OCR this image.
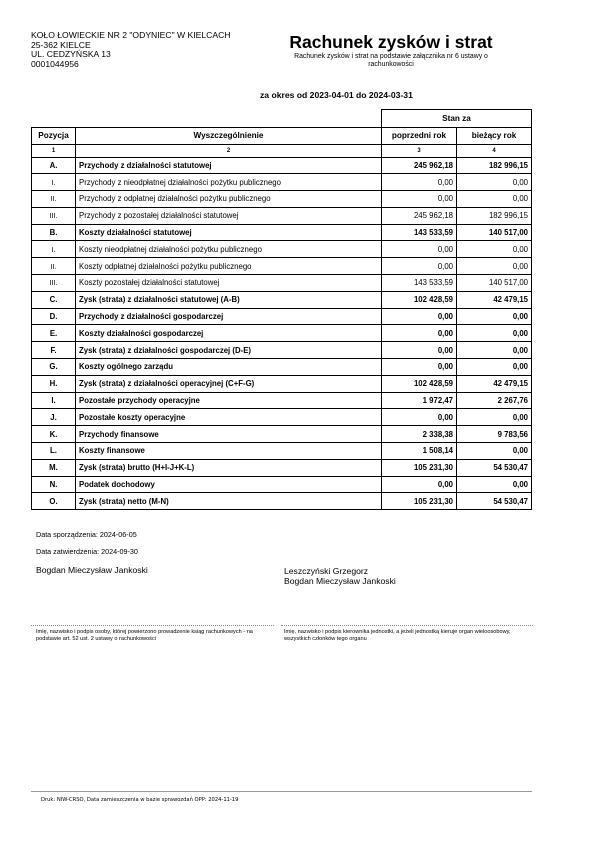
KOŁO ŁOWIECKIE NR 2 "ODYNIEC" W KIELCACH
25-362 KIELCE
UL. CEDZYŃSKA 13
0001044956
Rachunek zysków i strat
Rachunek zysków i strat na podstawie załącznika nr 6 ustawy o rachunkowości
za okres od 2023-04-01 do 2024-03-31
		Stan za	
Pozycja	Wyszczególnienie	poprzedni rok	bieżący rok
1	2	3	4
A.	Przychody z działalności statutowej	245 962,18	182 996,15
I.	Przychody z nieodpłatnej działalności pożytku publicznego	0,00	0,00
II.	Przychody z odpłatnej działalności pożytku publicznego	0,00	0,00
III.	Przychody z pozostałej działalności statutowej	245 962,18	182 996,15
B.	Koszty działalności statutowej	143 533,59	140 517,00
I.	Koszty nieodpłatnej działalności pożytku publicznego	0,00	0,00
II.	Koszty odpłatnej działalności pożytku publicznego	0,00	0,00
III.	Koszty pozostałej działalności statutowej	143 533,59	140 517,00
C.	Zysk (strata) z działalności statutowej (A-B)	102 428,59	42 479,15
D.	Przychody z działalności gospodarczej	0,00	0,00
E.	Koszty działalności gospodarczej	0,00	0,00
F.	Zysk (strata) z działalności gospodarczej (D-E)	0,00	0,00
G.	Koszty ogólnego zarządu	0,00	0,00
H.	Zysk (strata) z działalności operacyjnej (C+F-G)	102 428,59	42 479,15
I.	Pozostałe przychody operacyjne	1 972,47	2 267,76
J.	Pozostałe koszty operacyjne	0,00	0,00
K.	Przychody finansowe	2 338,38	9 783,56
L.	Koszty finansowe	1 508,14	0,00
M.	Zysk (strata) brutto (H+I-J+K-L)	105 231,30	54 530,47
N.	Podatek dochodowy	0,00	0,00
O.	Zysk (strata) netto (M-N)	105 231,30	54 530,47
Data sporządzenia: 2024-06-05
Data zatwierdzenia: 2024-09-30
Bogdan Mieczysław Jankoski	Leszczyński Grzegorz
Bogdan Mieczysław Jankoski
Imię, nazwisko i podpis osoby, której powierzono prowadzenie ksiąg rachunkowych - na podstawie art. 52 ust. 2 ustawy o rachunkowości
Imię, nazwisko i podpis kierownika jednostki, a jeżeli jednostką kieruje organ wieloosobowy, wszystkich członków tego organu
Druk: NIW-CRSO, Data zamieszczenia w bazie sprawozdań OPP: 2024-11-19
